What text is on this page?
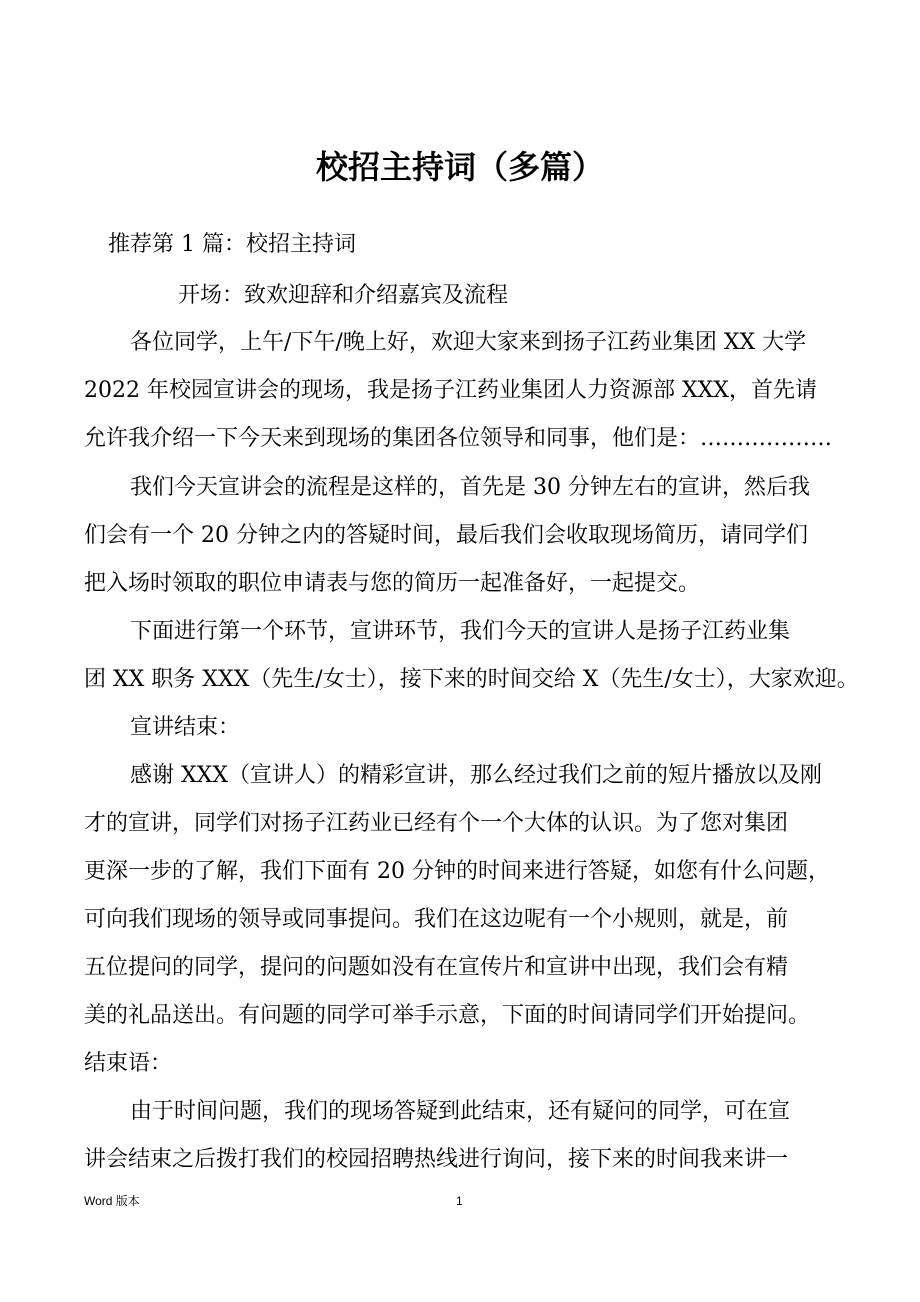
校招主持词（多篇）

推荐第 1 篇：校招主持词

开场：致欢迎辞和介绍嘉宾及流程

各位同学，上午/下午/晚上好，欢迎大家来到扬子江药业集团 XX 大学

2022 年校园宣讲会的现场，我是扬子江药业集团人力资源部 XXX，首先请

允许我介绍一下今天来到现场的集团各位领导和同事，他们是：………………

我们今天宣讲会的流程是这样的，首先是 30 分钟左右的宣讲，然后我

们会有一个 20 分钟之内的答疑时间，最后我们会收取现场简历，请同学们

把入场时领取的职位申请表与您的简历一起准备好，一起提交。

下面进行第一个环节，宣讲环节，我们今天的宣讲人是扬子江药业集

团 XX 职务 XXX（先生/女士），接下来的时间交给 X（先生/女士），大家欢迎。

宣讲结束：

感谢 XXX（宣讲人）的精彩宣讲，那么经过我们之前的短片播放以及刚

才的宣讲，同学们对扬子江药业已经有个一个大体的认识。为了您对集团

更深一步的了解，我们下面有 20 分钟的时间来进行答疑，如您有什么问题，

可向我们现场的领导或同事提问。我们在这边呢有一个小规则，就是，前

五位提问的同学，提问的问题如没有在宣传片和宣讲中出现，我们会有精

美的礼品送出。有问题的同学可举手示意，下面的时间请同学们开始提问。

结束语：

由于时间问题，我们的现场答疑到此结束，还有疑问的同学，可在宣

讲会结束之后拨打我们的校园招聘热线进行询问，接下来的时间我来讲一

Word 版本	1
